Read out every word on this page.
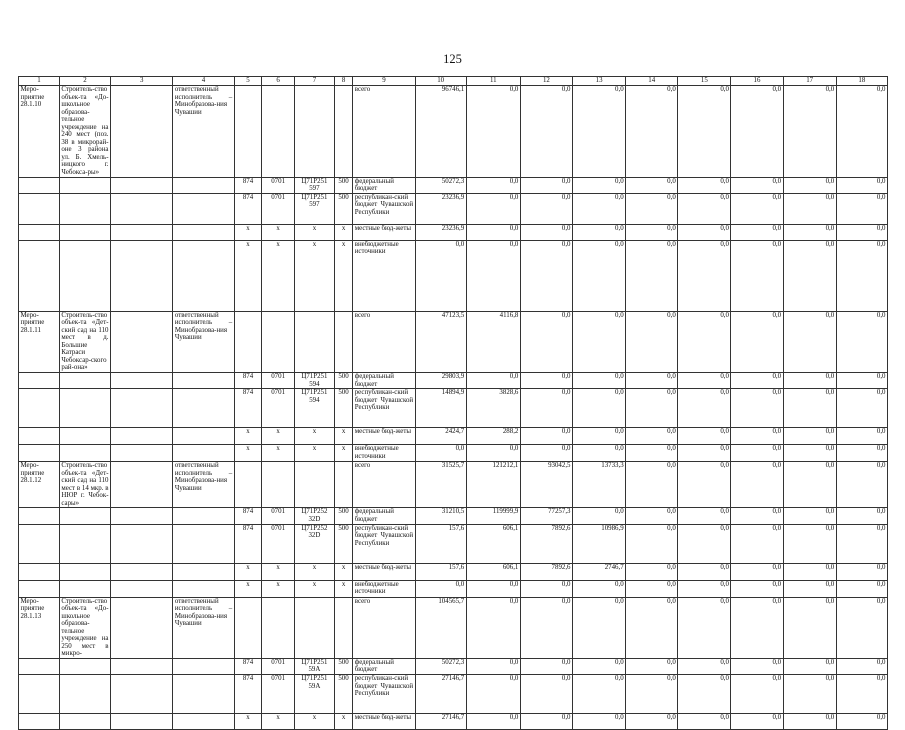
125
1	2	3	4	5	6	7	8	9	10	11	12	13	14	15	16	17	18
Меро-приятие 28.1.10	Строитель-ство объек-та «До-школьное образова-тельное учреждение на 240 мест (поз. 38 в микрорай-оне 3 района ул. Б. Хмель-ницкого г. Чебокса-ры»		ответственный исполнитель – Минобразова-ния Чувашии					всего	96746,1	0,0	0,0	0,0	0,0	0,0	0,0	0,0	0,0
				874	0701	Ц71Р251 597	500	федеральный бюджет	50272,3	0,0	0,0	0,0	0,0	0,0	0,0	0,0	0,0
				874	0701	Ц71Р251 597	500	республикан-ский бюджет Чувашской Республики	23236,9	0,0	0,0	0,0	0,0	0,0	0,0	0,0	0,0
				х	х	х	х	местные бюд-жеты	23236,9	0,0	0,0	0,0	0,0	0,0	0,0	0,0	0,0
				х	х	х	х	внебюджетные источники	0,0	0,0	0,0	0,0	0,0	0,0	0,0	0,0	0,0
Меро-приятие 28.1.11	Строитель-ство объек-та «Дет-ский сад на 110 мест в д. Большие Катраси Чебоксар-ского рай-она»		ответственный исполнитель – Минобразова-ния Чувашии					всего	47123,5	4116,8	0,0	0,0	0,0	0,0	0,0	0,0	0,0
				874	0701	Ц71Р251 594	500	федеральный бюджет	29803,9	0,0	0,0	0,0	0,0	0,0	0,0	0,0	0,0
				874	0701	Ц71Р251 594	500	республикан-ский бюджет Чувашской Республики	14894,9	3828,6	0,0	0,0	0,0	0,0	0,0	0,0	0,0
				х	х	х	х	местные бюд-жеты	2424,7	288,2	0,0	0,0	0,0	0,0	0,0	0,0	0,0
				х	х	х	х	внебюджетные источники	0,0	0,0	0,0	0,0	0,0	0,0	0,0	0,0	0,0
Меро-приятие 28.1.12	Строитель-ство объек-та «Дет-ский сад на 110 мест в 14 мкр. в НЮР г. Чебок-сары»		ответственный исполнитель – Минобразова-ния Чувашии					всего	31525,7	121212,1	93042,5	13733,3	0,0	0,0	0,0	0,0	0,0
				874	0701	Ц71Р252 32D	500	федеральный бюджет	31210,5	119999,9	77257,3	0,0	0,0	0,0	0,0	0,0	0,0
				874	0701	Ц71Р252 32D	500	республикан-ский бюджет Чувашской Республики	157,6	606,1	7892,6	10986,9	0,0	0,0	0,0	0,0	0,0
				х	х	х	х	местные бюд-жеты	157,6	606,1	7892,6	2746,7	0,0	0,0	0,0	0,0	0,0
				х	х	х	х	внебюджетные источники	0,0	0,0	0,0	0,0	0,0	0,0	0,0	0,0	0,0
Меро-приятие 28.1.13	Строитель-ство объек-та «До-школьное образова-тельное учреждение на 250 мест в микро-		ответственный исполнитель – Минобразова-ния Чувашии					всего	104565,7	0,0	0,0	0,0	0,0	0,0	0,0	0,0	0,0
				874	0701	Ц71Р251 59А	500	федеральный бюджет	50272,3	0,0	0,0	0,0	0,0	0,0	0,0	0,0	0,0
				874	0701	Ц71Р251 59А	500	республикан-ский бюджет Чувашской Республики	27146,7	0,0	0,0	0,0	0,0	0,0	0,0	0,0	0,0
				х	х	х	х	местные бюд-жеты	27146,7	0,0	0,0	0,0	0,0	0,0	0,0	0,0	0,0
